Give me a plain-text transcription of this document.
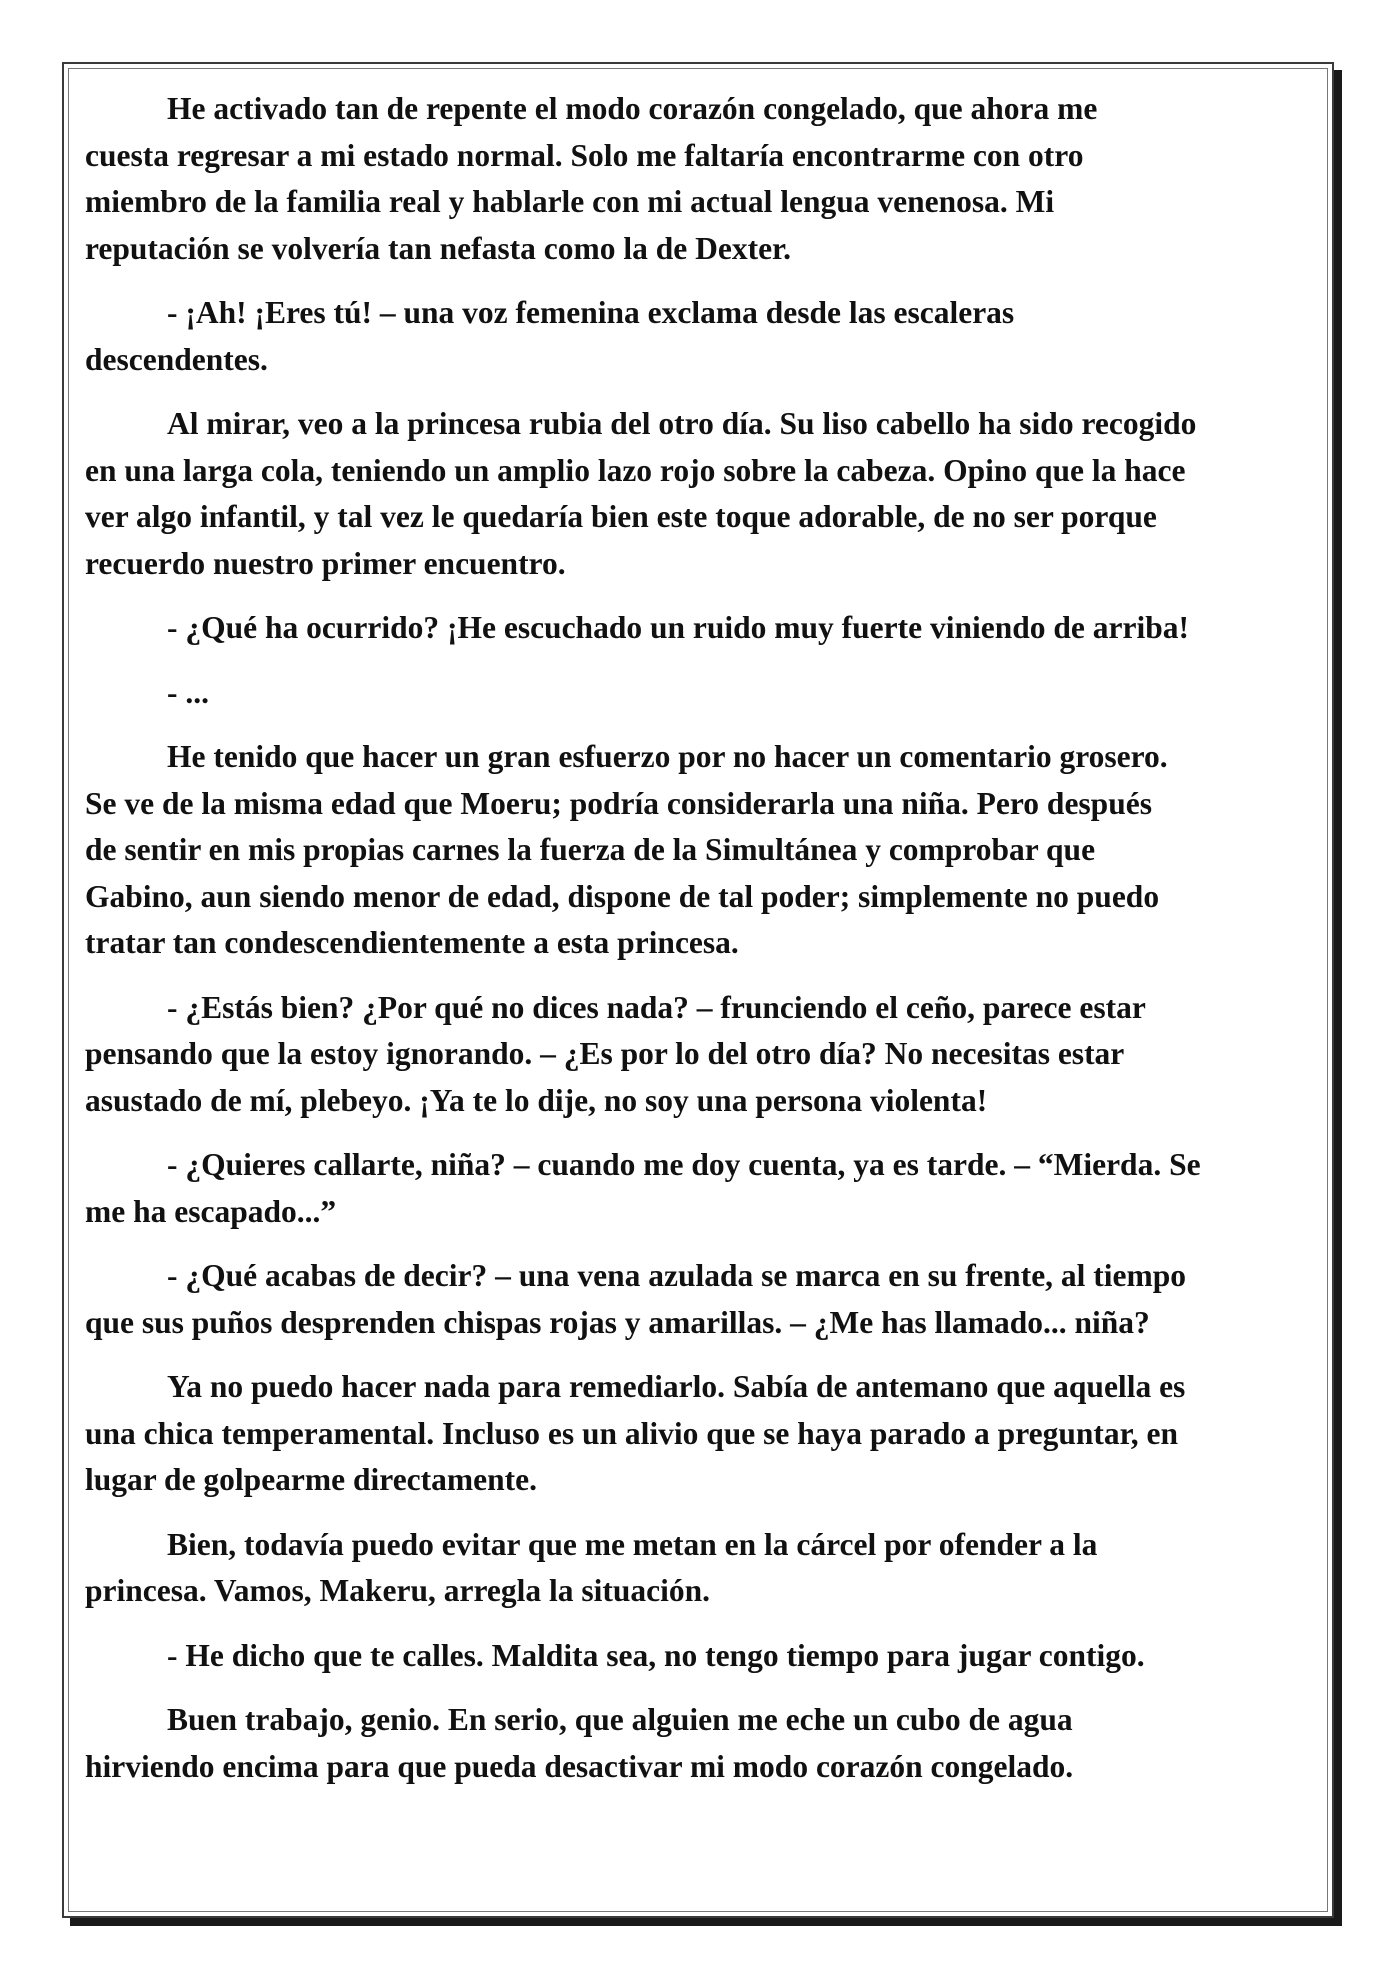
He activado tan de repente el modo corazón congelado, que ahora me
cuesta regresar a mi estado normal. Solo me faltaría encontrarme con otro
miembro de la familia real y hablarle con mi actual lengua venenosa. Mi
reputación se volvería tan nefasta como la de Dexter.

- ¡Ah! ¡Eres tú! – una voz femenina exclama desde las escaleras
descendentes.

Al mirar, veo a la princesa rubia del otro día. Su liso cabello ha sido recogido
en una larga cola, teniendo un amplio lazo rojo sobre la cabeza. Opino que la hace
ver algo infantil, y tal vez le quedaría bien este toque adorable, de no ser porque
recuerdo nuestro primer encuentro.

- ¿Qué ha ocurrido? ¡He escuchado un ruido muy fuerte viniendo de arriba!

- ...

He tenido que hacer un gran esfuerzo por no hacer un comentario grosero.
Se ve de la misma edad que Moeru; podría considerarla una niña. Pero después
de sentir en mis propias carnes la fuerza de la Simultánea y comprobar que
Gabino, aun siendo menor de edad, dispone de tal poder; simplemente no puedo
tratar tan condescendientemente a esta princesa.

- ¿Estás bien? ¿Por qué no dices nada? – frunciendo el ceño, parece estar
pensando que la estoy ignorando. – ¿Es por lo del otro día? No necesitas estar
asustado de mí, plebeyo. ¡Ya te lo dije, no soy una persona violenta!

- ¿Quieres callarte, niña? – cuando me doy cuenta, ya es tarde. – “Mierda. Se
me ha escapado...”

- ¿Qué acabas de decir? – una vena azulada se marca en su frente, al tiempo
que sus puños desprenden chispas rojas y amarillas. – ¿Me has llamado... niña?

Ya no puedo hacer nada para remediarlo. Sabía de antemano que aquella es
una chica temperamental. Incluso es un alivio que se haya parado a preguntar, en
lugar de golpearme directamente.

Bien, todavía puedo evitar que me metan en la cárcel por ofender a la
princesa. Vamos, Makeru, arregla la situación.

- He dicho que te calles. Maldita sea, no tengo tiempo para jugar contigo.

Buen trabajo, genio. En serio, que alguien me eche un cubo de agua
hirviendo encima para que pueda desactivar mi modo corazón congelado.
